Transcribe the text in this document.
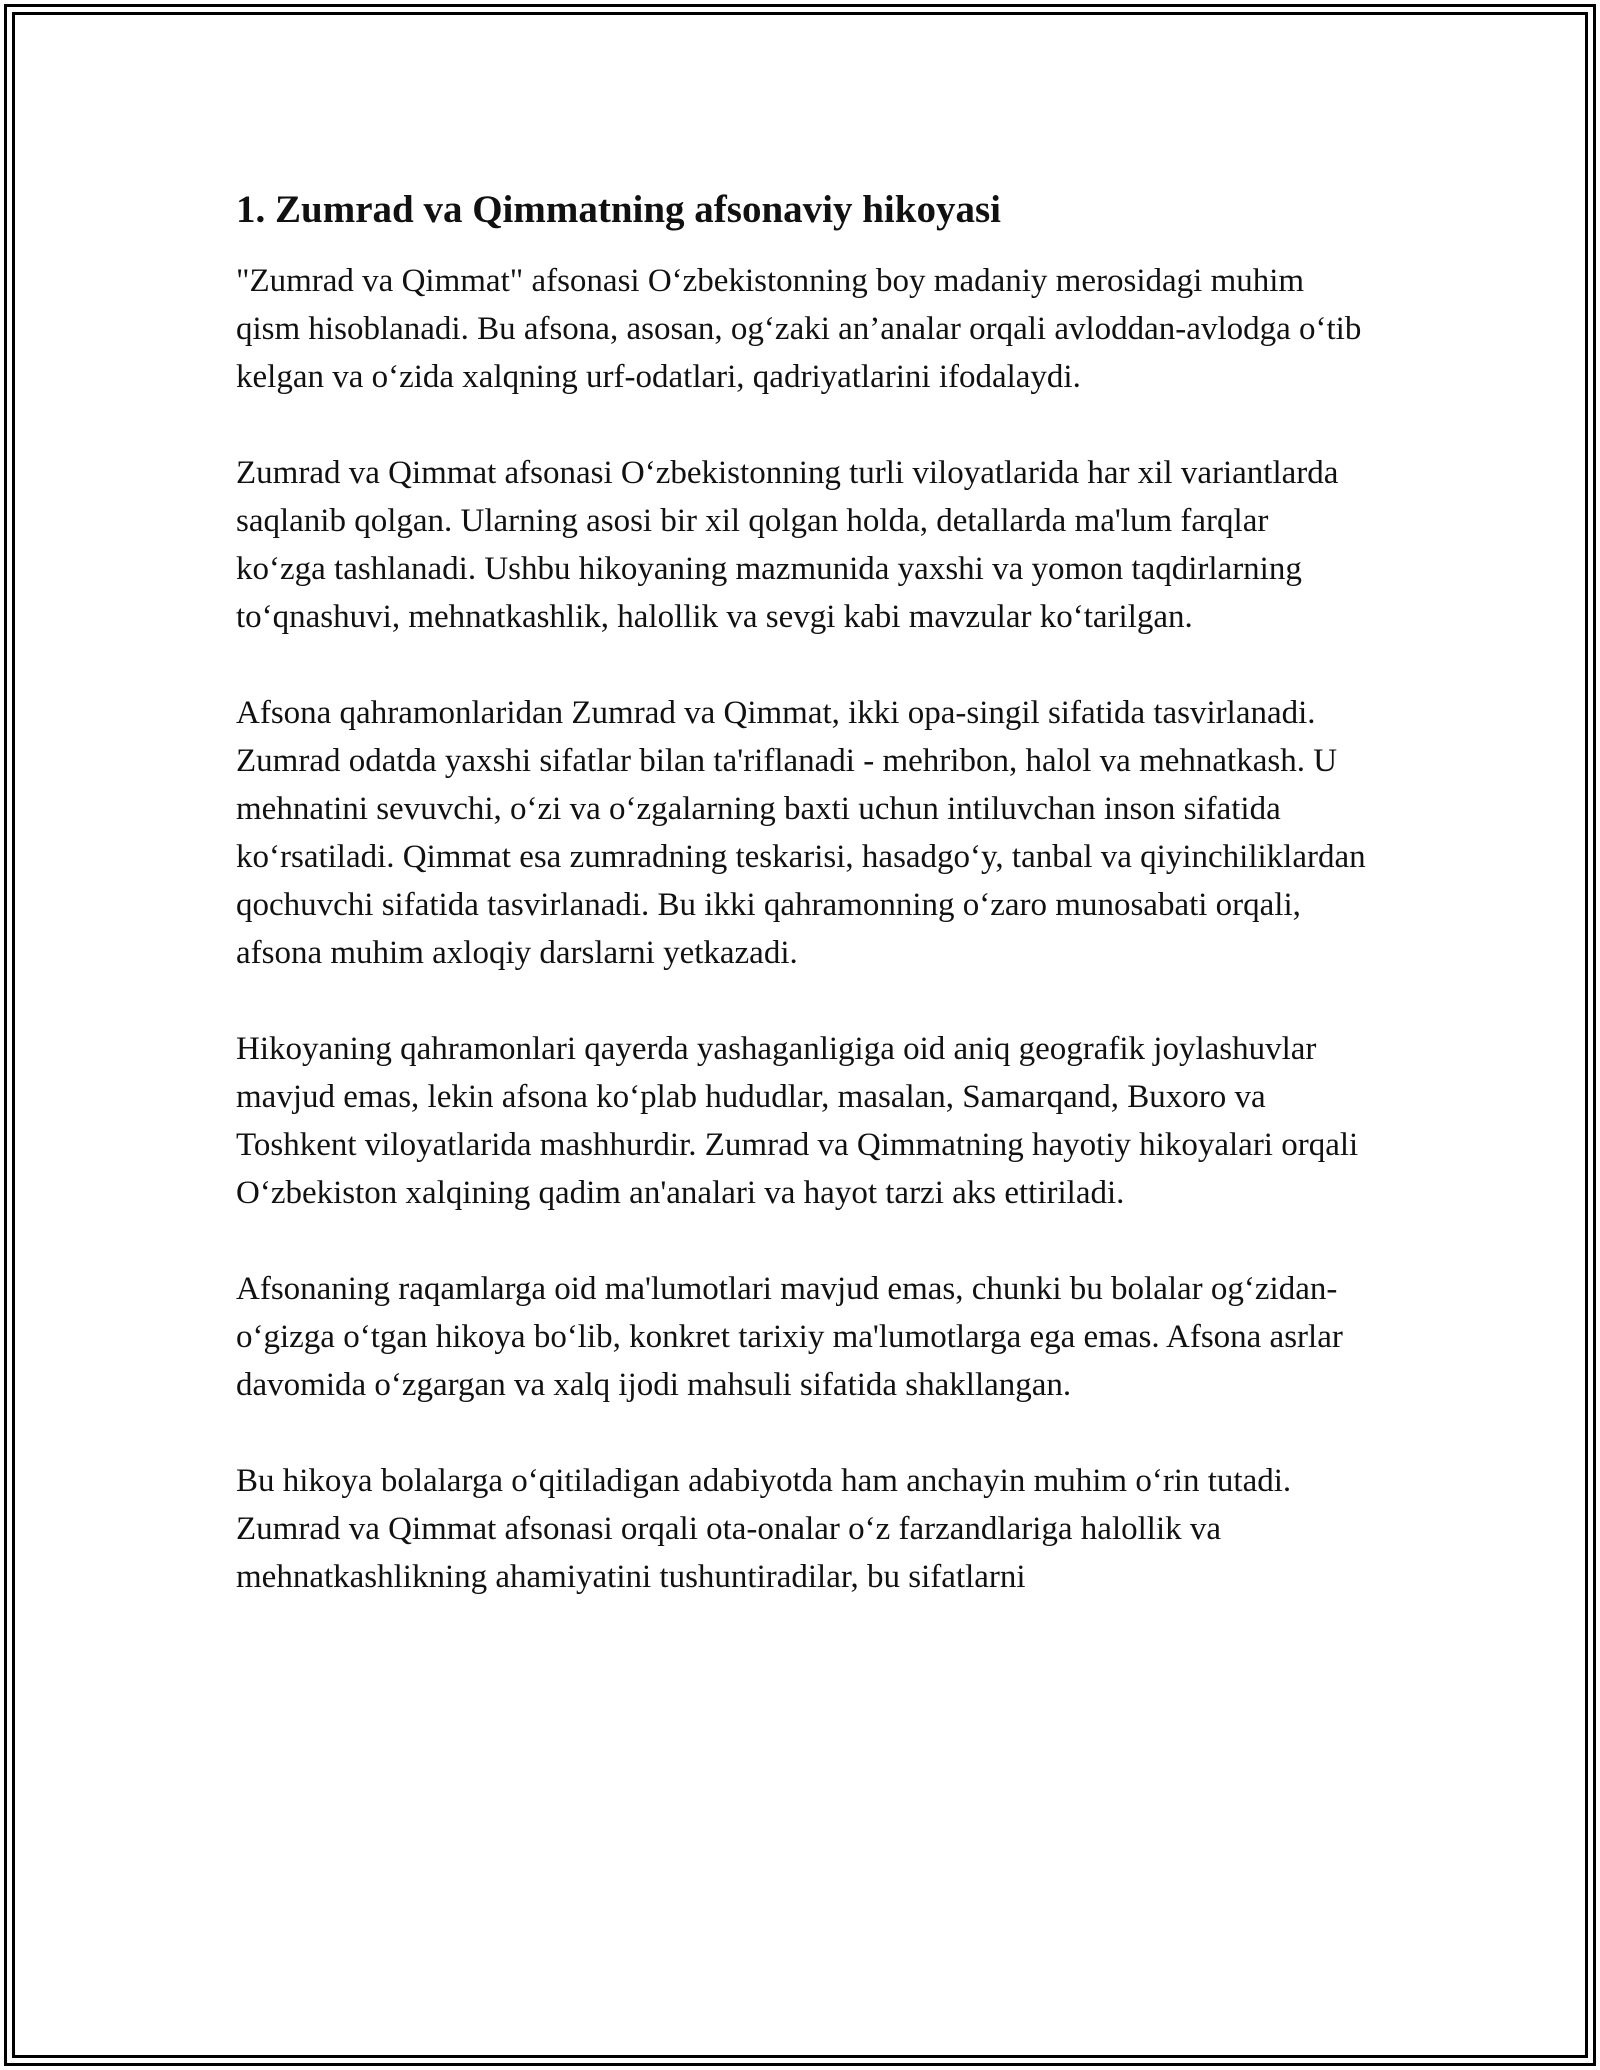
1. Zumrad va Qimmatning afsonaviy hikoyasi

"Zumrad va Qimmat" afsonasi O‘zbekistonning boy madaniy merosidagi muhim qism hisoblanadi. Bu afsona, asosan, og‘zaki an’analar orqali avloddan-avlodga o‘tib kelgan va o‘zida xalqning urf-odatlari, qadriyatlarini ifodalaydi.

Zumrad va Qimmat afsonasi O‘zbekistonning turli viloyatlarida har xil variantlarda saqlanib qolgan. Ularning asosi bir xil qolgan holda, detallarda ma'lum farqlar ko‘zga tashlanadi. Ushbu hikoyaning mazmunida yaxshi va yomon taqdirlarning to‘qnashuvi, mehnatkashlik, halollik va sevgi kabi mavzular ko‘tarilgan.

Afsona qahramonlaridan Zumrad va Qimmat, ikki opa-singil sifatida tasvirlanadi. Zumrad odatda yaxshi sifatlar bilan ta'riflanadi - mehribon, halol va mehnatkash. U mehnatini sevuvchi, o‘zi va o‘zgalarning baxti uchun intiluvchan inson sifatida ko‘rsatiladi. Qimmat esa zumradning teskarisi, hasadgo‘y, tanbal va qiyinchiliklardan qochuvchi sifatida tasvirlanadi. Bu ikki qahramonning o‘zaro munosabati orqali, afsona muhim axloqiy darslarni yetkazadi.

Hikoyaning qahramonlari qayerda yashaganligiga oid aniq geografik joylashuvlar mavjud emas, lekin afsona ko‘plab hududlar, masalan, Samarqand, Buxoro va Toshkent viloyatlarida mashhurdir. Zumrad va Qimmatning hayotiy hikoyalari orqali O‘zbekiston xalqining qadim an'analari va hayot tarzi aks ettiriladi.

Afsonaning raqamlarga oid ma'lumotlari mavjud emas, chunki bu bolalar og‘zidan-o‘gizga o‘tgan hikoya bo‘lib, konkret tarixiy ma'lumotlarga ega emas. Afsona asrlar davomida o‘zgargan va xalq ijodi mahsuli sifatida shakllangan.

Bu hikoya bolalarga o‘qitiladigan adabiyotda ham anchayin muhim o‘rin tutadi. Zumrad va Qimmat afsonasi orqali ota-onalar o‘z farzandlariga halollik va mehnatkashlikning ahamiyatini tushuntiradilar, bu sifatlarni
